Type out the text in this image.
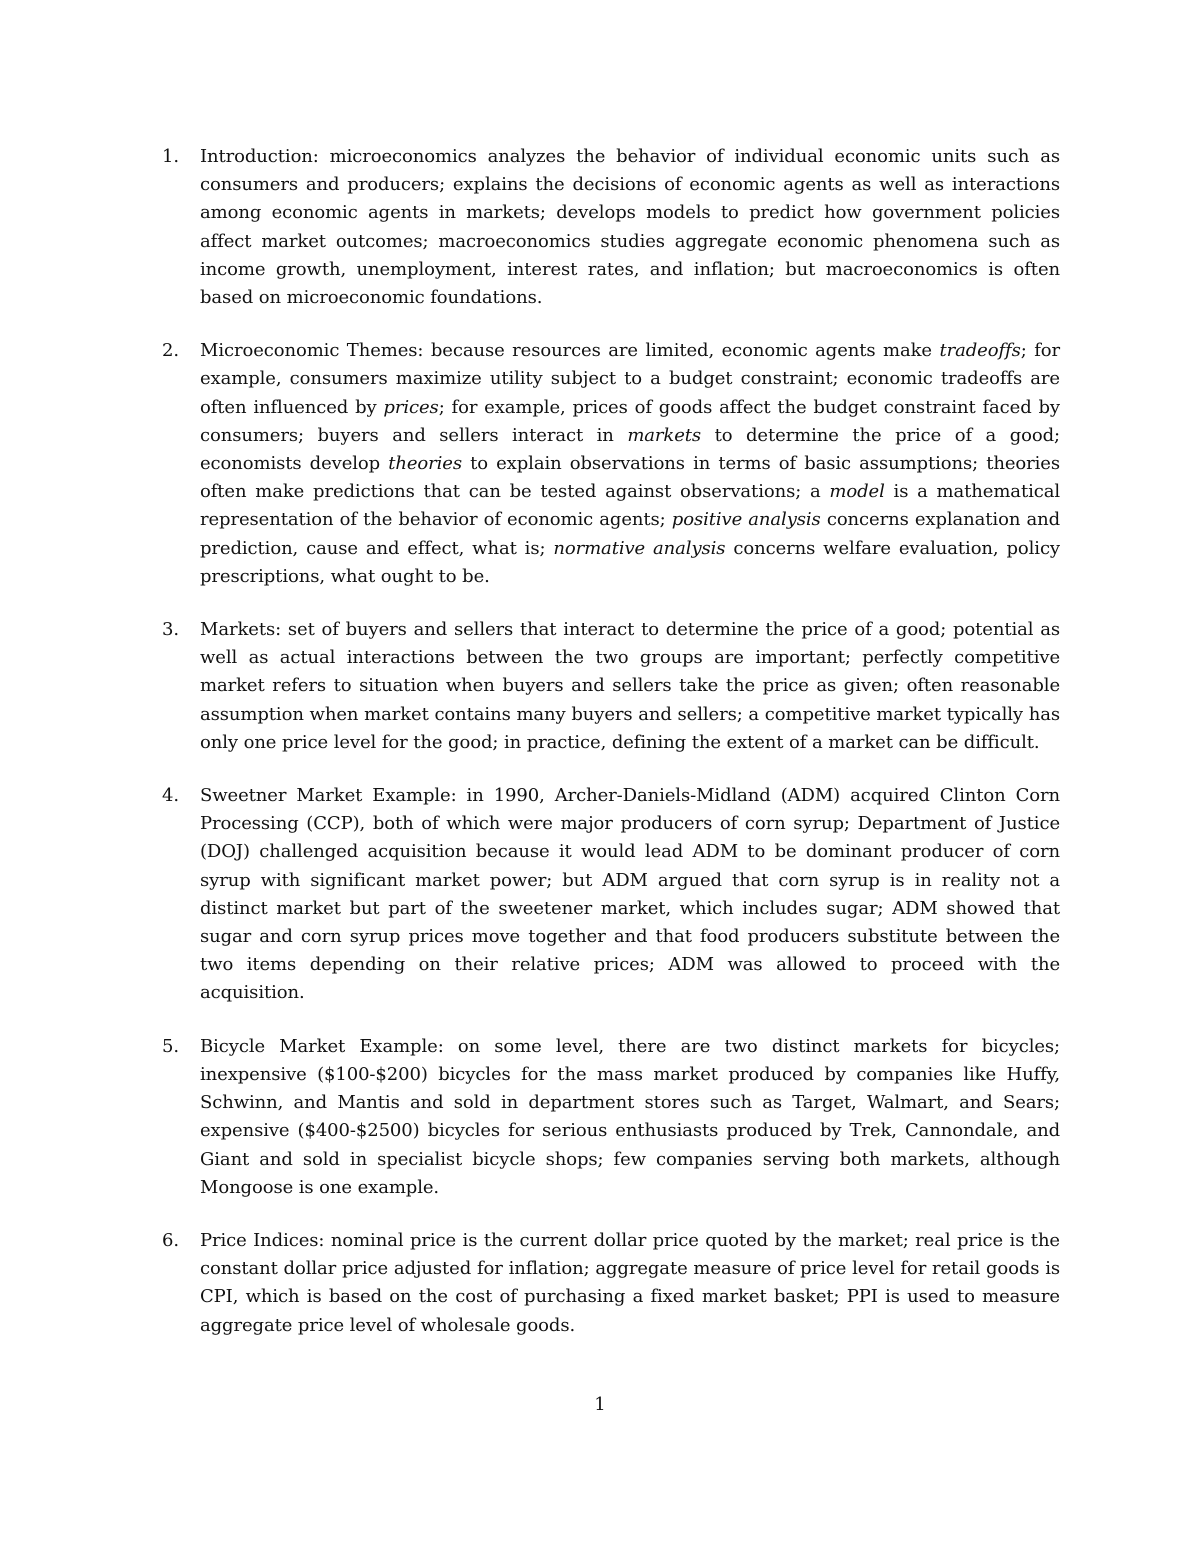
1.	Introduction: microeconomics analyzes the behavior of individual economic units such as consumers and producers; explains the decisions of economic agents as well as interactions among economic agents in markets; develops models to predict how government policies affect market outcomes; macroeconomics studies aggregate economic phenomena such as income growth, unemployment, interest rates, and inflation; but macroeconomics is often based on microeconomic foundations.
2.	Microeconomic Themes: because resources are limited, economic agents make tradeoffs; for example, consumers maximize utility subject to a budget constraint; economic tradeoffs are often influenced by prices; for example, prices of goods affect the budget constraint faced by consumers; buyers and sellers interact in markets to determine the price of a good; economists develop theories to explain observations in terms of basic assumptions; theories often make predictions that can be tested against observations; a model is a mathematical representation of the behavior of economic agents; positive analysis concerns explanation and prediction, cause and effect, what is; normative analysis concerns welfare evaluation, policy prescriptions, what ought to be.
3.	Markets: set of buyers and sellers that interact to determine the price of a good; potential as well as actual interactions between the two groups are important; perfectly competitive market refers to situation when buyers and sellers take the price as given; often reasonable assumption when market contains many buyers and sellers; a competitive market typically has only one price level for the good; in practice, defining the extent of a market can be difficult.
4.	Sweetner Market Example: in 1990, Archer-Daniels-Midland (ADM) acquired Clinton Corn Processing (CCP), both of which were major producers of corn syrup; Department of Justice (DOJ) challenged acquisition because it would lead ADM to be dominant producer of corn syrup with significant market power; but ADM argued that corn syrup is in reality not a distinct market but part of the sweetener market, which includes sugar; ADM showed that sugar and corn syrup prices move together and that food producers substitute between the two items depending on their relative prices; ADM was allowed to proceed with the acquisition.
5.	Bicycle Market Example: on some level, there are two distinct markets for bicycles; inexpensive ($100-$200) bicycles for the mass market produced by companies like Huffy, Schwinn, and Mantis and sold in department stores such as Target, Walmart, and Sears; expensive ($400-$2500) bicycles for serious enthusiasts produced by Trek, Cannondale, and Giant and sold in specialist bicycle shops; few companies serving both markets, although Mongoose is one example.
6.	Price Indices: nominal price is the current dollar price quoted by the market; real price is the constant dollar price adjusted for inflation; aggregate measure of price level for retail goods is CPI, which is based on the cost of purchasing a fixed market basket; PPI is used to measure aggregate price level of wholesale goods.
1
